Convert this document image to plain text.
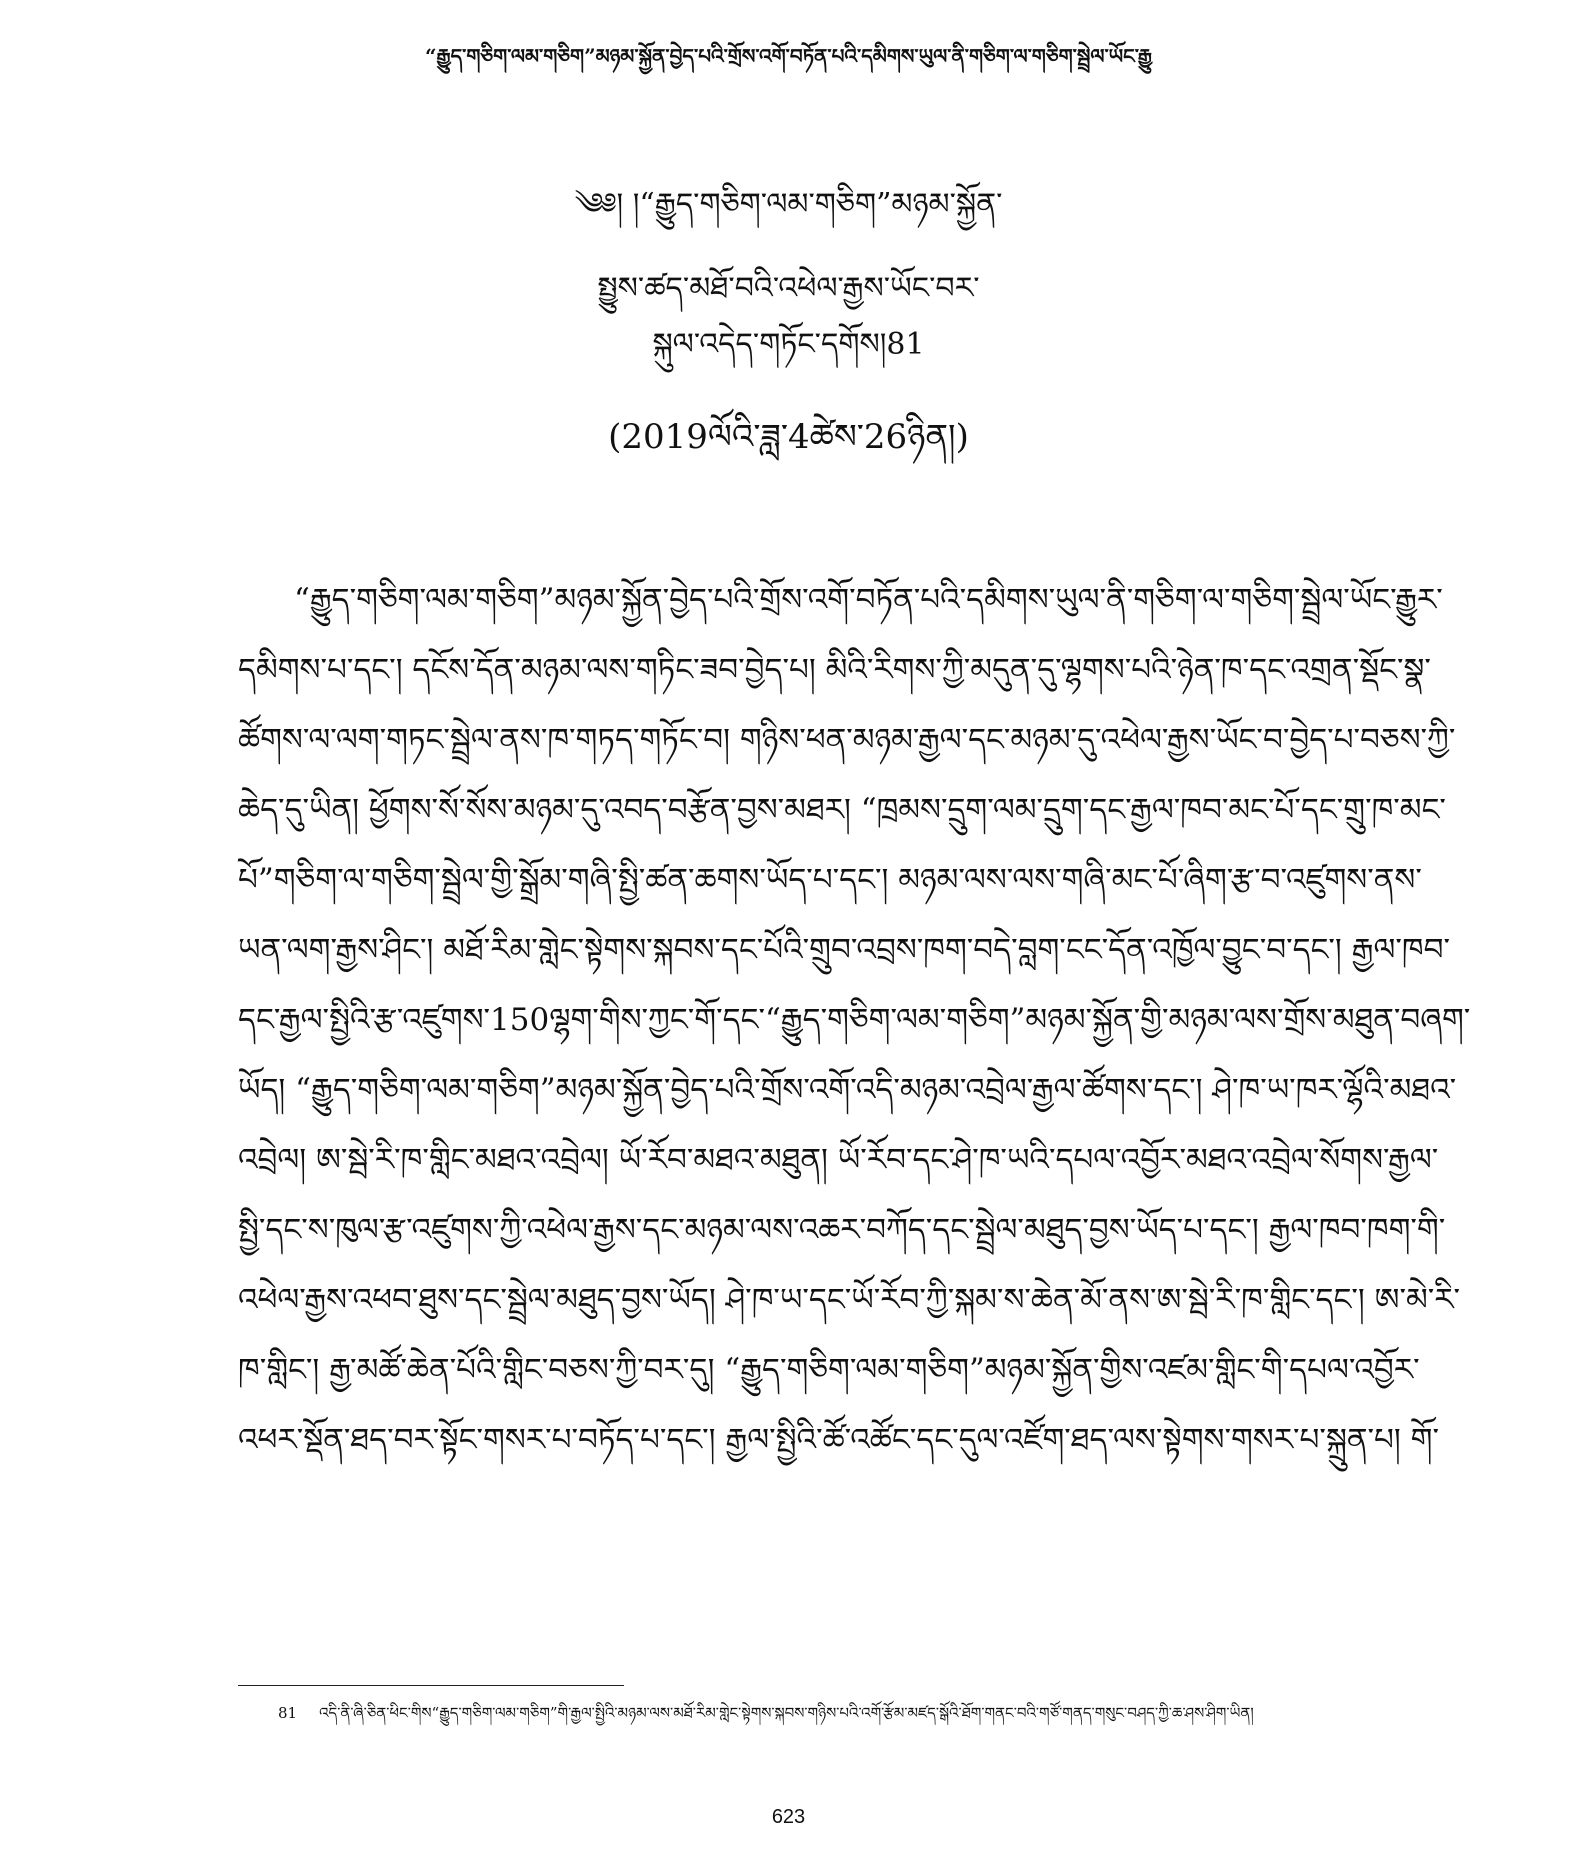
“རྒྱུད་གཅིག་ལམ་གཅིག”མཉམ་སྐྱོན་བྱེད་པའི་གྲོས་འགོ་བཏོན་པའི་དམིགས་ཡུལ་ནི་གཅིག་ལ་གཅིག་སྦྲེལ་ཡོང་རྒྱུ
༄༅། །“རྒྱུད་གཅིག་ལམ་གཅིག”མཉམ་སྐྱོན་
སྤྱུས་ཚད་མཐོ་བའི་འཕེལ་རྒྱས་ཡོང་བར་
སྐུལ་འདེད་གཏོང་དགོས།81
(2019ལོའི་ཟླ་4ཚེས་26ཉིན།)
“རྒྱུད་གཅིག་ལམ་གཅིག”མཉམ་སྐྱོན་བྱེད་པའི་གྲོས་འགོ་བཏོན་པའི་དམིགས་ཡུལ་ནི་གཅིག་ལ་གཅིག་སྦྲེལ་ཡོང་རྒྱུར་
དམིགས་པ་དང་། དངོས་དོན་མཉམ་ལས་གཏིང་ཟབ་བྱེད་པ། མིའི་རིགས་ཀྱི་མདུན་དུ་ལྷགས་པའི་ཉེན་ཁ་དང་འགྲན་སྡོང་སྣ་
ཚོགས་ལ་ལག་གཏང་སྦྲེལ་ནས་ཁ་གཏད་གཏོང་བ། གཉིས་ཕན་མཉམ་རྒྱལ་དང་མཉམ་དུ་འཕེལ་རྒྱས་ཡོང་བ་བྱེད་པ་བཅས་ཀྱི་
ཆེད་དུ་ཡིན། ཕྱོགས་སོ་སོས་མཉམ་དུ་འབད་བརྩོན་བྱས་མཐར། “ཁྲམས་དྲུག་ལམ་དྲུག་དང་རྒྱལ་ཁབ་མང་པོ་དང་གྲུ་ཁ་མང་
པོ”གཅིག་ལ་གཅིག་སྦྲེལ་གྱི་སྒྲོམ་གཞི་སྤྱི་ཚན་ཆགས་ཡོད་པ་དང་། མཉམ་ལས་ལས་གཞི་མང་པོ་ཞིག་རྩ་བ་འཛུགས་ནས་
ཡན་ལག་རྒྱས་ཤིང་། མཐོ་རིམ་གླེང་སྟེགས་སྐབས་དང་པོའི་གྲུབ་འབྲས་ཁག་བདེ་བླག་ངང་དོན་འཁྱོལ་བྱུང་བ་དང་། རྒྱལ་ཁབ་
དང་རྒྱལ་སྤྱིའི་རྩ་འཛུགས་150ལྷག་གིས་ཀྱང་གོ་དང་“རྒྱུད་གཅིག་ལམ་གཅིག”མཉམ་སྐྱོན་གྱི་མཉམ་ལས་གྲོས་མཐུན་བཞག་
ཡོད། “རྒྱུད་གཅིག་ལམ་གཅིག”མཉམ་སྐྱོན་བྱེད་པའི་གྲོས་འགོ་འདི་མཉམ་འབྲེལ་རྒྱལ་ཚོགས་དང་། ཤེ་ཁ་ཡ་ཁར་ལྷོའི་མཐའ་
འབྲེལ། ཨ་སྦེ་རི་ཁ་གླིང་མཐའ་འབྲེལ། ཡོ་རོབ་མཐའ་མཐུན། ཡོ་རོབ་དང་ཤེ་ཁ་ཡའི་དཔལ་འབྱོར་མཐའ་འབྲེལ་སོགས་རྒྱལ་
སྤྱི་དང་ས་ཁུལ་རྩ་འཛུགས་ཀྱི་འཕེལ་རྒྱས་དང་མཉམ་ལས་འཆར་བཀོད་དང་སྦྲེལ་མཐུད་བྱས་ཡོད་པ་དང་། རྒྱལ་ཁབ་ཁག་གི་
འཕེལ་རྒྱས་འཕབ་ཐུས་དང་སྦྲེལ་མཐུད་བྱས་ཡོད། ཤེ་ཁ་ཡ་དང་ཡོ་རོབ་ཀྱི་སྐམ་ས་ཆེན་མོ་ནས་ཨ་སྦེ་རི་ཁ་གླིང་དང་། ཨ་མེ་རི་
ཁ་གླིང་། རྒྱ་མཚོ་ཆེན་པོའི་གླིང་བཅས་ཀྱི་བར་དུ། “རྒྱུད་གཅིག་ལམ་གཅིག”མཉམ་སྐྱོན་གྱིས་འཛམ་གླིང་གི་དཔལ་འབྱོར་
འཕར་སྡོན་ཐད་བར་སྟོང་གསར་པ་བཏོད་པ་དང་། རྒྱལ་སྤྱིའི་ཚོ་འཚོང་དང་དུལ་འཛོག་ཐད་ལས་སྟེགས་གསར་པ་སྐྲུན་པ། གོ་
81 འདི་ནི་ཞི་ཅིན་ཕིང་གིས“རྒྱུད་གཅིག་ལམ་གཅིག”གི་རྒྱལ་སྤྱིའི་མཉམ་ལས་མཐོ་རིམ་གླེང་སྟེགས་སྐབས་གཉིས་པའི་འགོ་རྩོམ་མཛད་སྒོའི་ཐོག་གནང་བའི་གཙོ་གནད་གསུང་བཤད་ཀྱི་ཆ་ཤས་ཤིག་ཡིན།
623
